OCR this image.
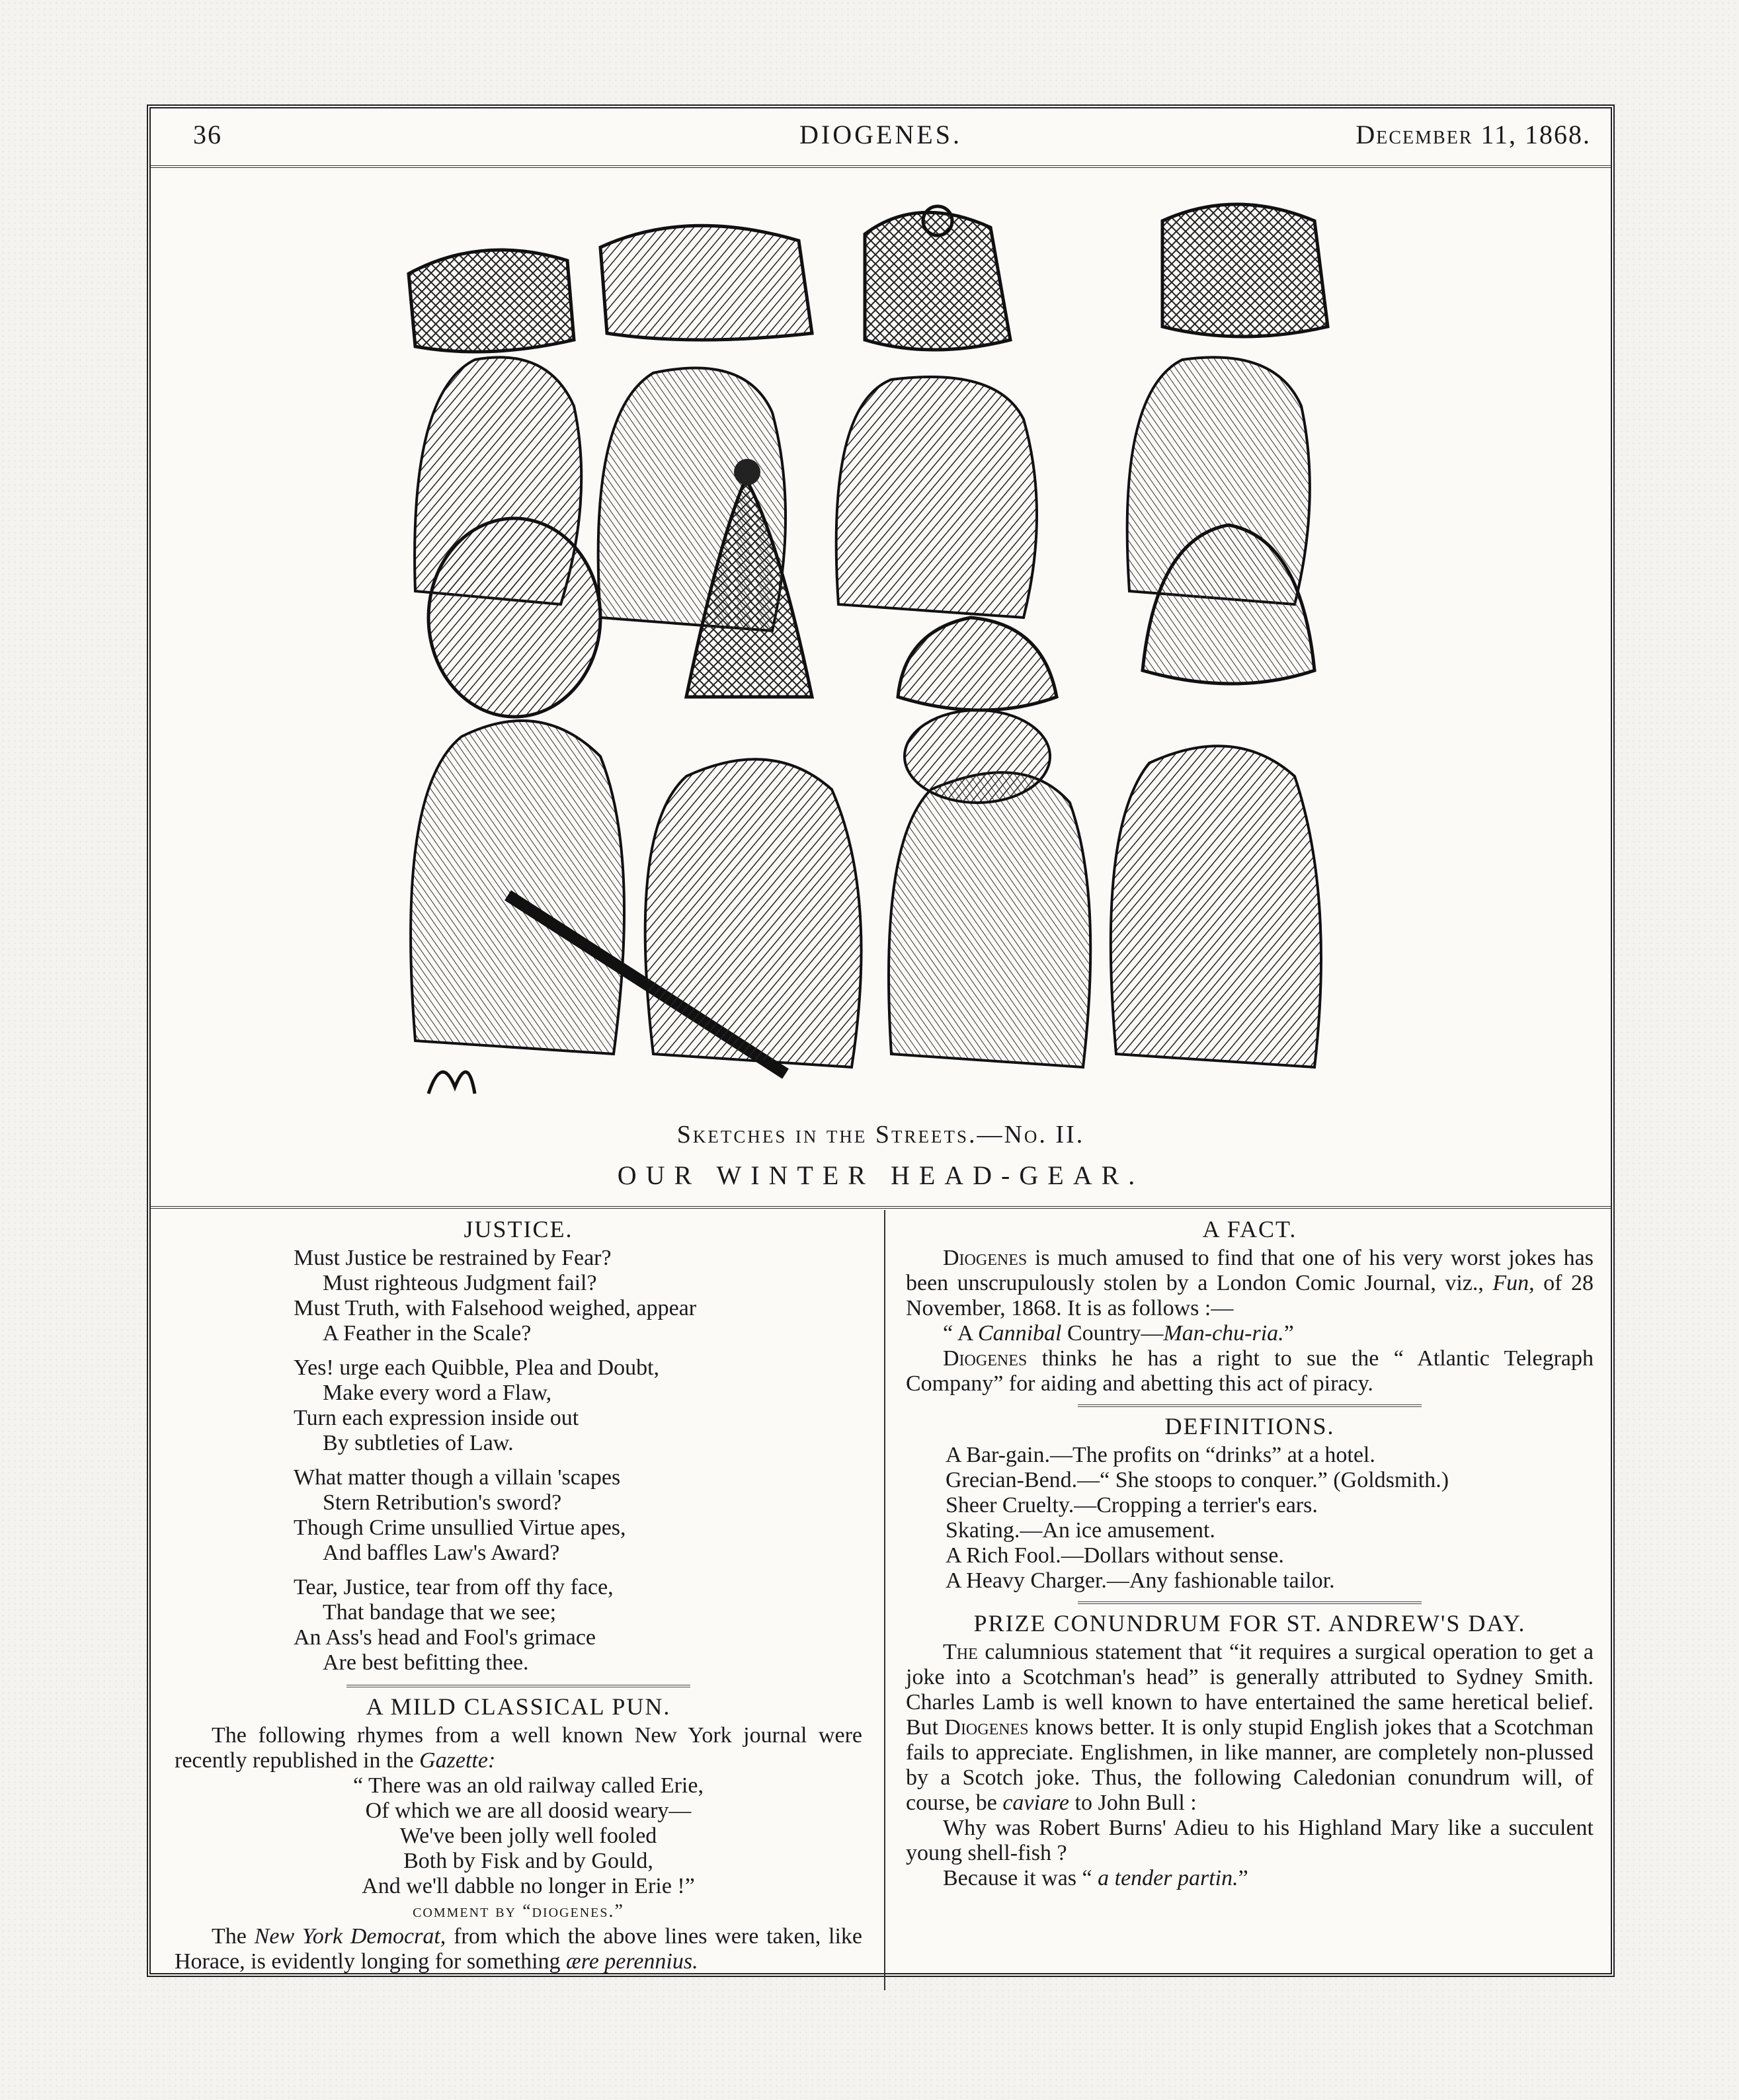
36	DIOGENES.	December 11, 1868.
Sketches in the Streets.—No. II.
OUR WINTER HEAD-GEAR.
JUSTICE.
Must Justice be restrained by Fear?
Must righteous Judgment fail?
Must Truth, with Falsehood weighed, appear
A Feather in the Scale?
Yes! urge each Quibble, Plea and Doubt,
Make every word a Flaw,
Turn each expression inside out
By subtleties of Law.
What matter though a villain 'scapes
Stern Retribution's sword?
Though Crime unsullied Virtue apes,
And baffles Law's Award?
Tear, Justice, tear from off thy face,
That bandage that we see;
An Ass's head and Fool's grimace
Are best befitting thee.
A MILD CLASSICAL PUN.

The following rhymes from a well known New York journal were recently republished in the Gazette:

“ There was an old railway called Erie,
Of which we are all doosid weary—
We've been jolly well fooled
Both by Fisk and by Gould,
And we'll dabble no longer in Erie !”
comment by “diogenes.”

The New York Democrat, from which the above lines were taken, like Horace, is evidently longing for something ære perennius.

A FACT.

Diogenes is much amused to find that one of his very worst jokes has been unscrupulously stolen by a London Comic Journal, viz., Fun, of 28 November, 1868. It is as follows :—

“ A Cannibal Country—Man-chu-ria.”

Diogenes thinks he has a right to sue the “ Atlantic Telegraph Company” for aiding and abetting this act of piracy.

DEFINITIONS.
A Bar-gain.—The profits on “drinks” at a hotel.
Grecian-Bend.—“ She stoops to conquer.” (Goldsmith.)
Sheer Cruelty.—Cropping a terrier's ears.
Skating.—An ice amusement.
A Rich Fool.—Dollars without sense.
A Heavy Charger.—Any fashionable tailor.
PRIZE CONUNDRUM FOR ST. ANDREW'S DAY.

The calumnious statement that “it requires a surgical operation to get a joke into a Scotchman's head” is generally attributed to Sydney Smith. Charles Lamb is well known to have entertained the same heretical belief. But Diogenes knows better. It is only stupid English jokes that a Scotchman fails to appreciate. Englishmen, in like manner, are completely non-plussed by a Scotch joke. Thus, the following Caledonian conundrum will, of course, be caviare to John Bull :

Why was Robert Burns' Adieu to his Highland Mary like a succulent young shell-fish ?

Because it was “ a tender partin.”
